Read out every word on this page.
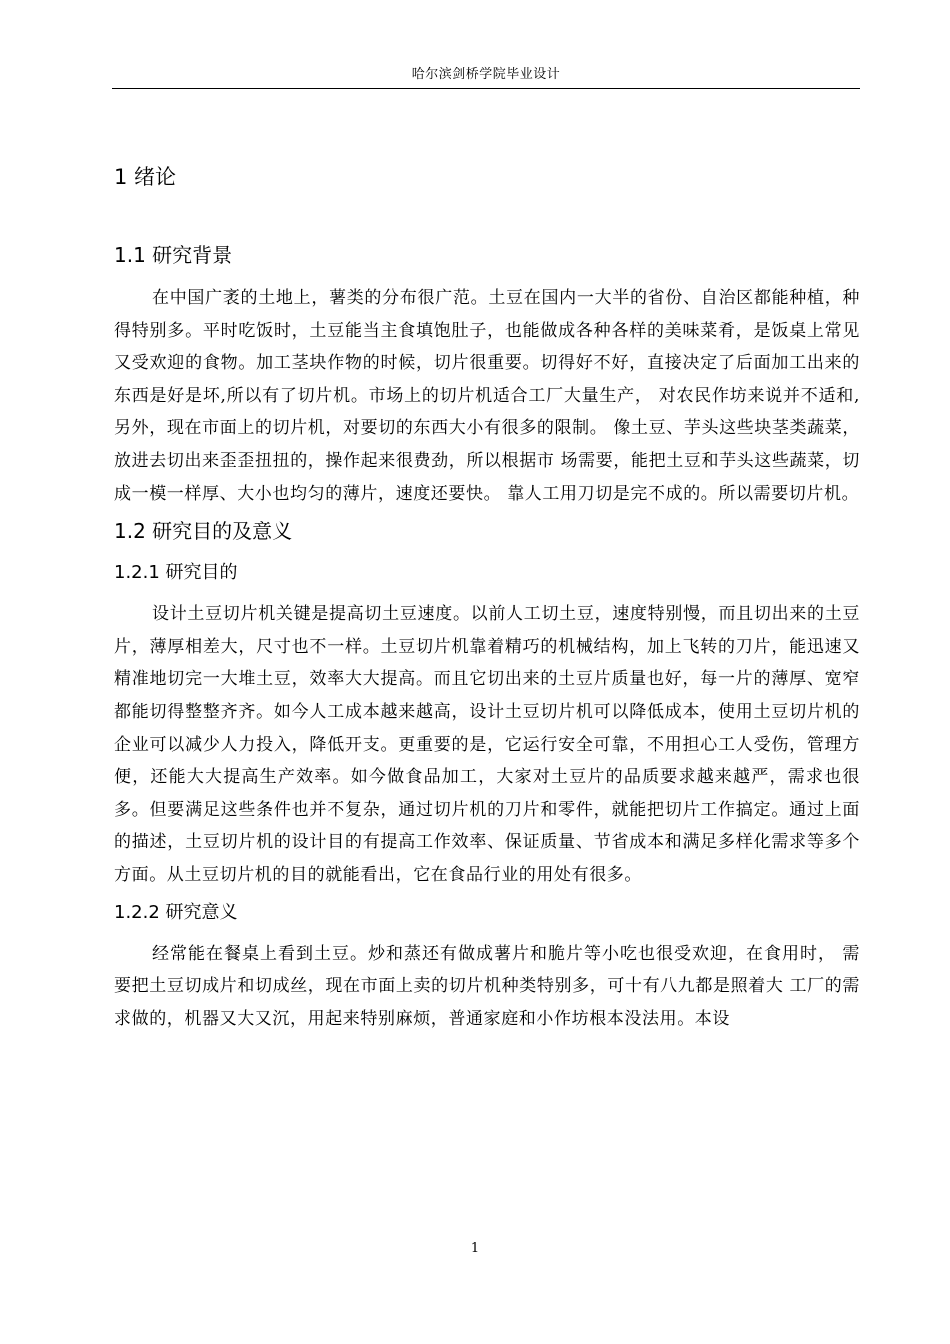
哈尔滨剑桥学院毕业设计
1 绪论
1.1 研究背景

在中国广袤的土地上，薯类的分布很广范。土豆在国内一大半的省份、自治区都能种植，种得特别多。平时吃饭时，土豆能当主食填饱肚子，也能做成各种各样的美味菜肴，是饭桌上常见又受欢迎的食物。加工茎块作物的时候，切片很重要。切得好不好，直接决定了后面加工出来的东西是好是坏,所以有了切片机。市场上的切片机适合工厂大量生产， 对农民作坊来说并不适和,另外，现在市面上的切片机，对要切的东西大小有很多的限制。 像土豆、芋头这些块茎类蔬菜，放进去切出来歪歪扭扭的，操作起来很费劲，所以根据市 场需要，能把土豆和芋头这些蔬菜，切成一模一样厚、大小也均匀的薄片，速度还要快。 靠人工用刀切是完不成的。所以需要切片机。

1.2 研究目的及意义
1.2.1 研究目的

设计土豆切片机关键是提高切土豆速度。以前人工切土豆，速度特别慢，而且切出来的土豆片，薄厚相差大，尺寸也不一样。土豆切片机靠着精巧的机械结构，加上飞转的刀片，能迅速又精准地切完一大堆土豆，效率大大提高。而且它切出来的土豆片质量也好，每一片的薄厚、宽窄都能切得整整齐齐。如今人工成本越来越高，设计土豆切片机可以降低成本，使用土豆切片机的企业可以减少人力投入，降低开支。更重要的是，它运行安全可靠，不用担心工人受伤，管理方便，还能大大提高生产效率。如今做食品加工，大家对土豆片的品质要求越来越严，需求也很多。但要满足这些条件也并不复杂，通过切片机的刀片和零件，就能把切片工作搞定。通过上面的描述，土豆切片机的设计目的有提高工作效率、保证质量、节省成本和满足多样化需求等多个方面。从土豆切片机的目的就能看出，它在食品行业的用处有很多。

1.2.2 研究意义

经常能在餐桌上看到土豆。炒和蒸还有做成薯片和脆片等小吃也很受欢迎，在食用时， 需要把土豆切成片和切成丝，现在市面上卖的切片机种类特别多，可十有八九都是照着大 工厂的需求做的，机器又大又沉，用起来特别麻烦，普通家庭和小作坊根本没法用。本设

1
